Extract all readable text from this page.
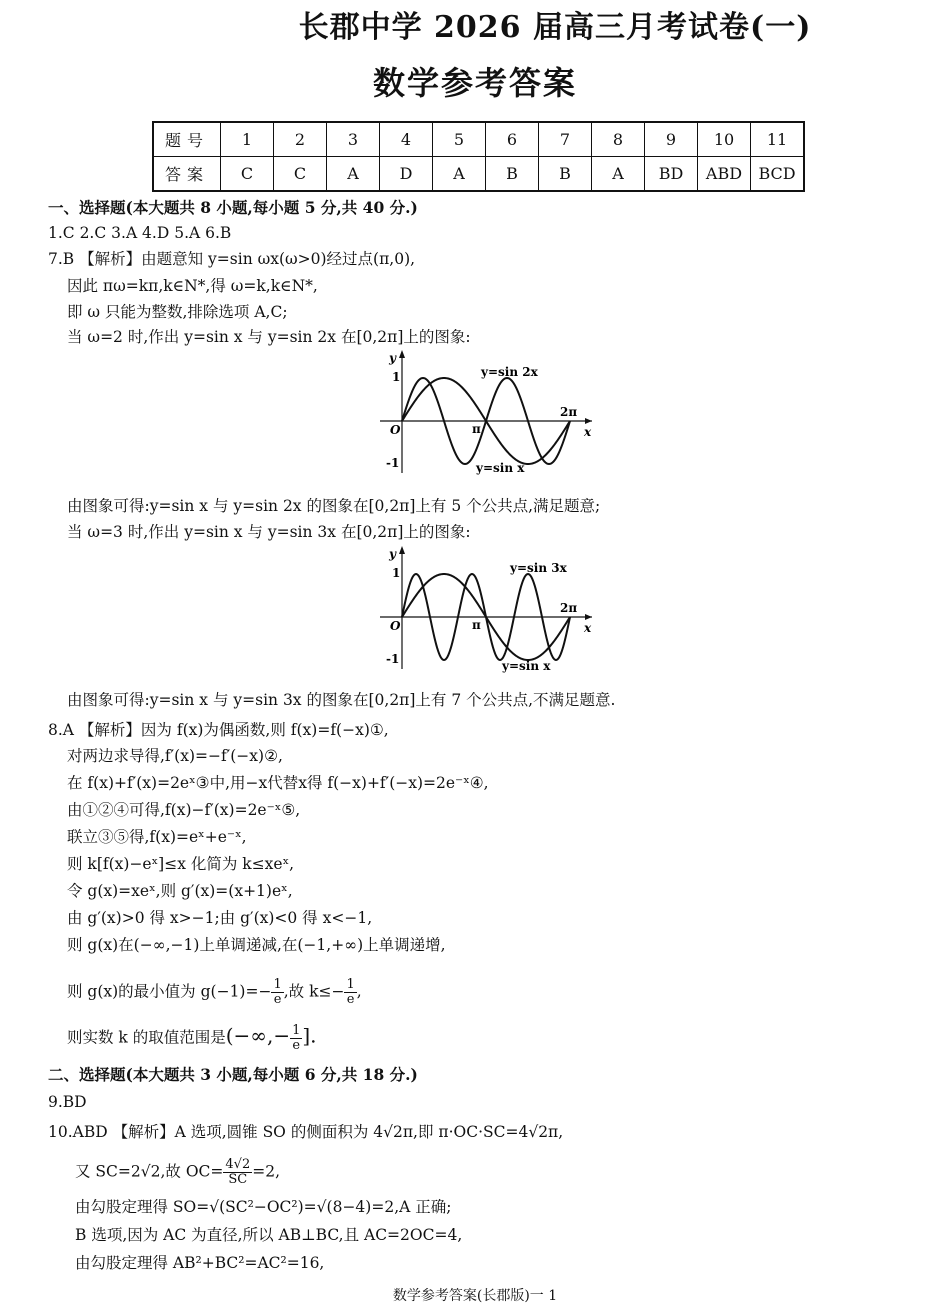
长郡中学 2026 届高三月考试卷(一)
数学参考答案
题号	1	2	3	4	5	6	7	8	9	10	11
答案	C	C	A	D	A	B	B	A	BD	ABD	BCD
一、选择题(本大题共 8 小题,每小题 5 分,共 40 分.)
1.C 2.C 3.A 4.D 5.A 6.B
7.B 【解析】由题意知 y=sin ωx(ω>0)经过点(π,0),
因此 πω=kπ,k∈N*,得 ω=k,k∈N*,
即 ω 只能为整数,排除选项 A,C;
当 ω=2 时,作出 y=sin x 与 y=sin 2x 在[0,2π]上的图象:
y
1
-1
O	π
2π
x
y=sin 2x
y=sin x
由图象可得:y=sin x 与 y=sin 2x 的图象在[0,2π]上有 5 个公共点,满足题意;
当 ω=3 时,作出 y=sin x 与 y=sin 3x 在[0,2π]上的图象:
y
1
-1
O	π
2π
x
y=sin 3x
y=sin x
由图象可得:y=sin x 与 y=sin 3x 的图象在[0,2π]上有 7 个公共点,不满足题意.
8.A 【解析】因为 f(x)为偶函数,则 f(x)=f(−x)①,
对两边求导得,f′(x)=−f′(−x)②,
在 f(x)+f′(x)=2eˣ③中,用−x代替x得 f(−x)+f′(−x)=2e⁻ˣ④,
由①②④可得,f(x)−f′(x)=2e⁻ˣ⑤,
联立③⑤得,f(x)=eˣ+e⁻ˣ,
则 k[f(x)−eˣ]≤x 化简为 k≤xeˣ,
令 g(x)=xeˣ,则 g′(x)=(x+1)eˣ,
由 g′(x)>0 得 x>−1;由 g′(x)<0 得 x<−1,
则 g(x)在(−∞,−1)上单调递减,在(−1,+∞)上单调递增,
则 g(x)的最小值为 $g(-1)=- \frac{1}{e}$ ,故 $k\le- \frac{1}{e}$ ,
则实数 k 的取值范围是(−∞,− $\frac{1}{e}$ ].
二、选择题(本大题共 3 小题,每小题 6 分,共 18 分.)
9.BD
10.ABD 【解析】A 选项,圆锥 SO 的侧面积为 4√2π,即 π·OC·SC=4√2π,
又 SC=2√2,故 $OC= \frac{4√2}{SC} =2$,
由勾股定理得 SO=√(SC²−OC²)=√(8−4)=2,A 正确;
B 选项,因为 AC 为直径,所以 AB⊥BC,且 AC=2OC=4,
由勾股定理得 AB²+BC²=AC²=16,
数学参考答案(长郡版)一 1
